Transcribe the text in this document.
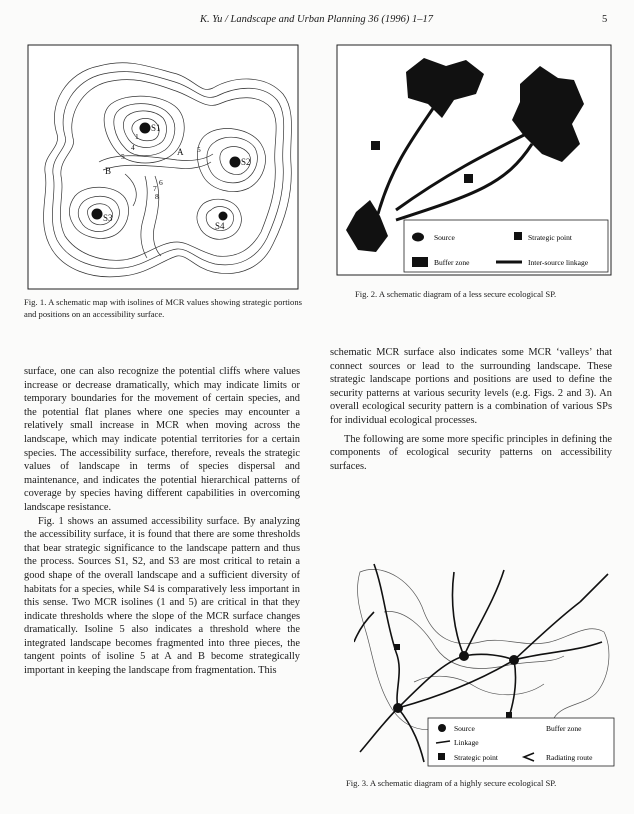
K. Yu / Landscape and Urban Planning 36 (1996) 1–17	5
S1
S2
S3
S4
A
B
1
4
5
5
6
7
8
Fig. 1. A schematic map with isolines of MCR values showing strategic portions and positions on an accessibility surface.
Source	Strategic point
Buffer zone	Inter-source linkage
Fig. 2. A schematic diagram of a less secure ecological SP.

surface, one can also recognize the potential cliffs where values increase or decrease dramatically, which may indicate limits or temporary boundaries for the movement of certain species, and the potential flat planes where one species may encounter a relatively small increase in MCR when moving across the landscape, which may indicate potential territories for a certain species. The accessibility surface, therefore, reveals the strategic values of landscape in terms of species dispersal and maintenance, and indicates the potential hierarchical patterns of coverage by species having different capabilities in overcoming landscape resistance.

Fig. 1 shows an assumed accessibility surface. By analyzing the accessibility surface, it is found that there are some thresholds that bear strategic significance to the landscape pattern and thus the process. Sources S1, S2, and S3 are most critical to retain a good shape of the overall landscape and a sufficient diversity of habitats for a species, while S4 is comparatively less important in this sense. Two MCR isolines (1 and 5) are critical in that they indicate thresholds where the slope of the MCR surface changes dramatically. Isoline 5 also indicates a threshold where the integrated landscape becomes fragmented into three pieces, the tangent points of isoline 5 at A and B become strategically important in keeping the landscape from fragmentation. This

schematic MCR surface also indicates some MCR ‘valleys’ that connect sources or lead to the surrounding landscape. These strategic landscape portions and positions are used to define the security patterns at various security levels (e.g. Figs. 2 and 3). An overall ecological security pattern is a combination of various SPs for individual ecological processes.

The following are some more specific principles in defining the components of ecological security patterns on accessibility surfaces.

Source	Buffer zone
Linkage
Strategic point	Radiating route
Fig. 3. A schematic diagram of a highly secure ecological SP.
